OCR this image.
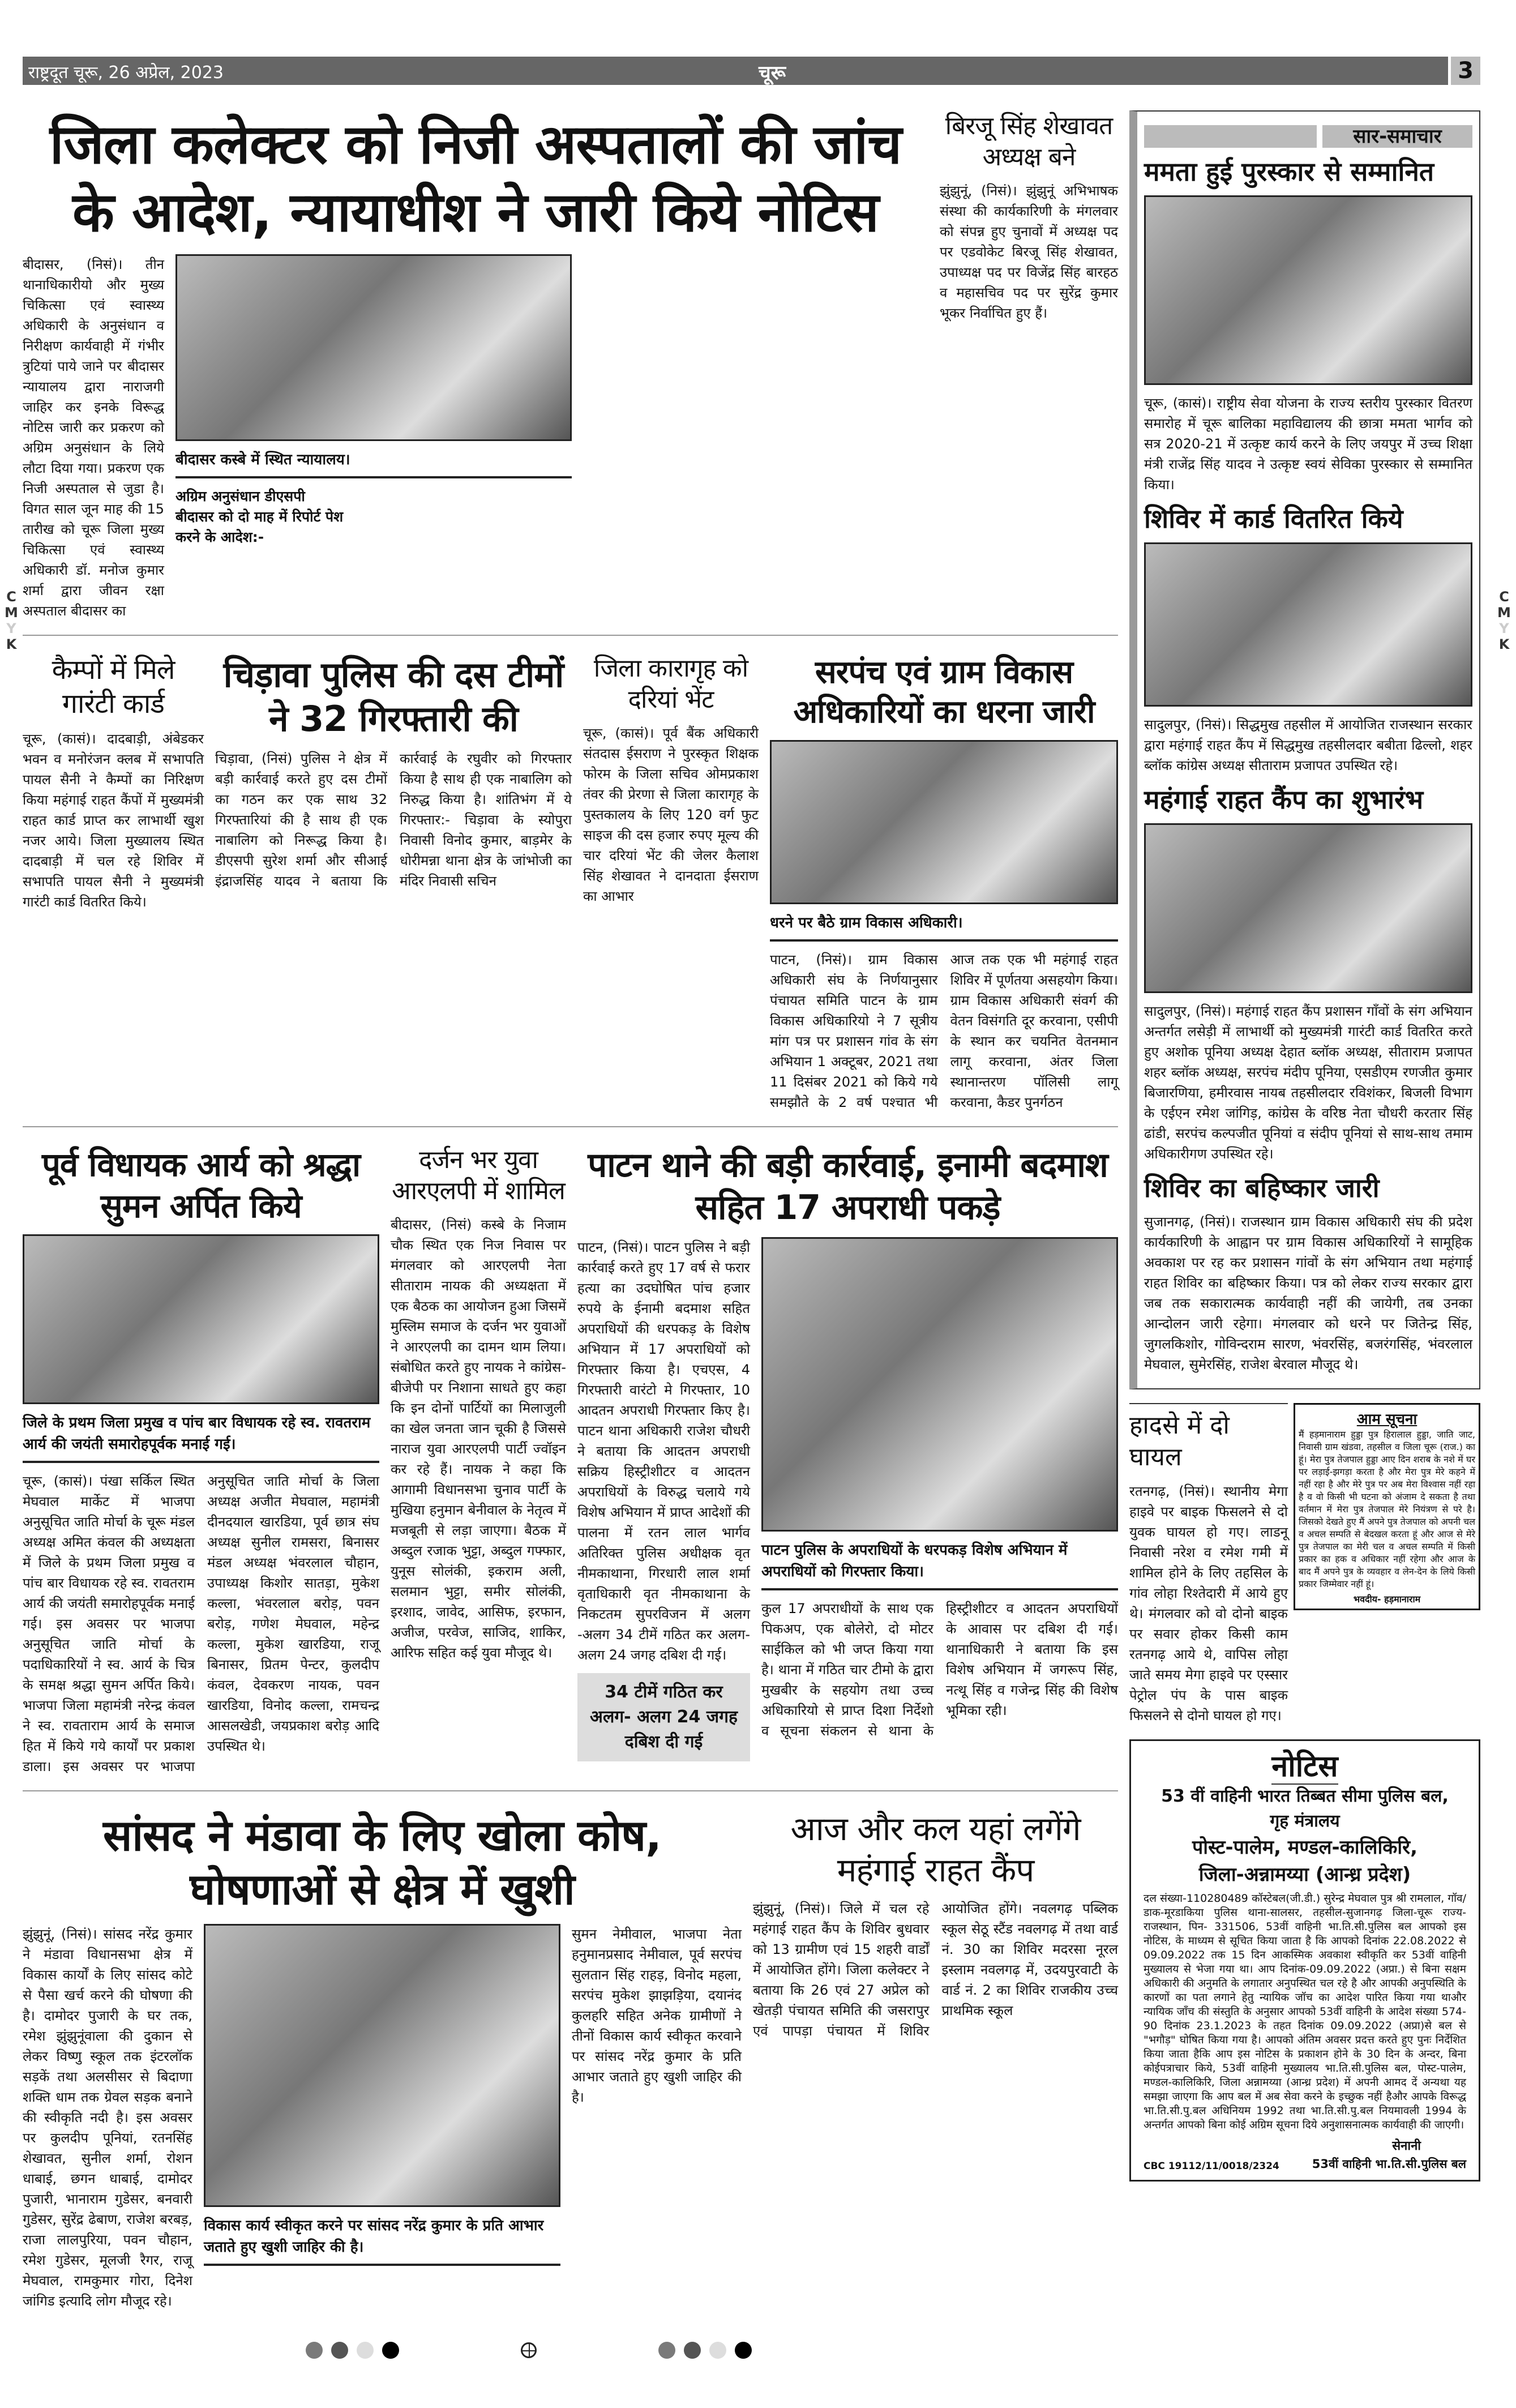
C
M
Y
K
C
M
Y
K
राष्ट्रदूत चूरू, 26 अप्रेल, 2023	चूरू	3
जिला कलेक्टर को निजी अस्पतालों की जांच
के आदेश, न्यायाधीश ने जारी किये नोटिस
बीदासर, (निसं)। तीन थानाधिकारीयो और मुख्य चिकित्सा एवं स्वास्थ्य अधिकारी के अनुसंधान व निरीक्षण कार्यवाही में गंभीर त्रुटियां पाये जाने पर बीदासर न्यायालय द्वारा नाराजगी जाहिर कर इनके विरूद्ध नोटिस जारी कर प्रकरण को अग्रिम अनुसंधान के लिये लौटा दिया गया। प्रकरण एक निजी अस्पताल से जुडा है। विगत साल जून माह की 15 तारीख को चूरू जिला मुख्य चिकित्सा एवं स्वास्थ्य अधिकारी डॉ. मनोज कुमार शर्मा द्वारा जीवन रक्षा अस्पताल बीदासर का
बीदासर कस्बे में स्थित न्यायालय।
अग्रिम अनुसंधान डीएसपी बीदासर को दो माह में रिपोर्ट पेश करने के आदेश:-
बिरजू सिंह शेखावत अध्यक्ष बने
झुंझुनूं, (निसं)। झुंझुनूं अभिभाषक संस्था की कार्यकारिणी के मंगलवार को संपन्न हुए चुनावों में अध्यक्ष पद पर एडवोकेट बिरजू सिंह शेखावत, उपाध्यक्ष पद पर विजेंद्र सिंह बारहठ व महासचिव पद पर सुरेंद्र कुमार भूकर निर्वाचित हुए हैं।
कैम्पों में मिले गारंटी कार्ड
चूरू, (कासं)। दादबाड़ी, अंबेडकर भवन व मनोरंजन क्लब में सभापति पायल सैनी ने कैम्पों का निरिक्षण किया महंगाई राहत कैंपों में मुख्यमंत्री राहत कार्ड प्राप्त कर लाभार्थी खुश नजर आये। जिला मुख्यालय स्थित दादबाड़ी में चल रहे शिविर में सभापति पायल सैनी ने मुख्यमंत्री गारंटी कार्ड वितरित किये।
चिड़ावा पुलिस की दस टीमों ने 32 गिरफ्तारी की
चिड़ावा, (निसं) पुलिस ने क्षेत्र में बड़ी कार्रवाई करते हुए दस टीमों का गठन कर एक साथ 32 गिरफ्तारियां की है साथ ही एक नाबालिग को निरूद्ध किया है। डीएसपी सुरेश शर्मा और सीआई इंद्राजसिंह यादव ने बताया कि कार्रवाई के रघुवीर को गिरफ्तार किया है साथ ही एक नाबालिग को निरुद्ध किया है। शांतिभंग में ये गिरफ्तार:- चिड़ावा के स्योपुरा निवासी विनोद कुमार, बाड़मेर के धोरीमन्ना थाना क्षेत्र के जांभोजी का मंदिर निवासी सचिन
जिला कारागृह को दरियां भेंट
चूरू, (कासं)। पूर्व बैंक अधिकारी संतदास ईसराण ने पुरस्कृत शिक्षक फोरम के जिला सचिव ओमप्रकाश तंवर की प्रेरणा से जिला कारागृह के पुस्तकालय के लिए 120 वर्ग फुट साइज की दस हजार रुपए मूल्य की चार दरियां भेंट की जेलर कैलाश सिंह शेखावत ने दानदाता ईसराण का आभार
सरपंच एवं ग्राम विकास अधिकारियों का धरना जारी
धरने पर बैठे ग्राम विकास अधिकारी।
पाटन, (निसं)। ग्राम विकास अधिकारी संघ के निर्णयानुसार पंचायत समिति पाटन के ग्राम विकास अधिकारियो ने 7 सूत्रीय मांग पत्र पर प्रशासन गांव के संग अभियान 1 अक्टूबर, 2021 तथा 11 दिसंबर 2021 को किये गये समझौते के 2 वर्ष पश्चात भी आज तक एक भी महंगाई राहत शिविर में पूर्णतया असहयोग किया। ग्राम विकास अधिकारी संवर्ग की वेतन विसंगति दूर करवाना, एसीपी के स्थान कर चयनित वेतनमान लागू करवाना, अंतर जिला स्थानान्तरण पॉलिसी लागू करवाना, कैडर पुनर्गठन
पूर्व विधायक आर्य को श्रद्धा सुमन अर्पित किये
जिले के प्रथम जिला प्रमुख व पांच बार विधायक रहे स्व. रावतराम आर्य की जयंती समारोहपूर्वक मनाई गई।
चूरू, (कासं)। पंखा सर्किल स्थित मेघवाल मार्केट में भाजपा अनुसूचित जाति मोर्चा के चूरू मंडल अध्यक्ष अमित कंवल की अध्यक्षता में जिले के प्रथम जिला प्रमुख व पांच बार विधायक रहे स्व. रावतराम आर्य की जयंती समारोहपूर्वक मनाई गई। इस अवसर पर भाजपा अनुसूचित जाति मोर्चा के पदाधिकारियों ने स्व. आर्य के चित्र के समक्ष श्रद्धा सुमन अर्पित किये। भाजपा जिला महामंत्री नरेन्द्र कंवल ने स्व. रावताराम आर्य के समाज हित में किये गये कार्यों पर प्रकाश डाला। इस अवसर पर भाजपा अनुसूचित जाति मोर्चा के जिला अध्यक्ष अजीत मेघवाल, महामंत्री दीनदयाल खारडिया, पूर्व छात्र संघ अध्यक्ष सुनील रामसरा, बिनासर मंडल अध्यक्ष भंवरलाल चौहान, उपाध्यक्ष किशोर सातड़ा, मुकेश कल्ला, भंवरलाल बरोड़, पवन बरोड़, गणेश मेघवाल, महेन्द्र कल्ला, मुकेश खारडिया, राजू बिनासर, प्रितम पेन्टर, कुलदीप कंवल, देवकरण नायक, पवन खारडिया, विनोद कल्ला, रामचन्द्र आसलखेडी, जयप्रकाश बरोड़ आदि उपस्थित थे।
दर्जन भर युवा आरएलपी में शामिल
बीदासर, (निसं) कस्बे के निजाम चौक स्थित एक निज निवास पर मंगलवार को आरएलपी नेता सीताराम नायक की अध्यक्षता में एक बैठक का आयोजन हुआ जिसमें मुस्लिम समाज के दर्जन भर युवाओं ने आरएलपी का दामन थाम लिया। संबोधित करते हुए नायक ने कांग्रेस-बीजेपी पर निशाना साधते हुए कहा कि इन दोनों पार्टियों का मिलाजुली का खेल जनता जान चूकी है जिससे नाराज युवा आरएलपी पार्टी ज्वॉइन कर रहे हैं। नायक ने कहा कि आगामी विधानसभा चुनाव पार्टी के मुखिया हनुमान बेनीवाल के नेतृत्व में मजबूती से लड़ा जाएगा। बैठक में अब्दुल रजाक भुट्टा, अब्दुल गफ्फार, युनूस सोलंकी, इकराम अली, सलमान भुट्टा, समीर सोलंकी, इरशाद, जावेद, आसिफ, इरफान, अजीज, परवेज, साजिद, शाकिर, आरिफ सहित कई युवा मौजूद थे।
पाटन थाने की बड़ी कार्रवाई, इनामी बदमाश सहित 17 अपराधी पकड़े
पाटन, (निसं)। पाटन पुलिस ने बड़ी कार्रवाई करते हुए 17 वर्ष से फरार हत्या का उदघोषित पांच हजार रुपये के ईनामी बदमाश सहित अपराधियों की धरपकड़ के विशेष अभियान में 17 अपराधियों को गिरफ्तार किया है। एचएस, 4 गिरफ्तारी वारंटो मे गिरफ्तार, 10 आदतन अपराधी गिरफ्तार किए है। पाटन थाना अधिकारी राजेश चौधरी ने बताया कि आदतन अपराधी सक्रिय हिस्ट्रीशीटर व आदतन अपराधियों के विरुद्ध चलाये गये विशेष अभियान में प्राप्त आदेशों की पालना में रतन लाल भार्गव अतिरिक्त पुलिस अधीक्षक वृत नीमकाथाना, गिरधारी लाल शर्मा वृताधिकारी वृत नीमकाथाना के निकटतम सुपरविजन में अलग -अलग 34 टीमें गठित कर अलग- अलग 24 जगह दबिश दी गई।
34 टीमें गठित कर अलग- अलग 24 जगह दबिश दी गई
पाटन पुलिस के अपराधियों के धरपकड़ विशेष अभियान में अपराधियों को गिरफ्तार किया।
कुल 17 अपराधीयों के साथ एक पिकअप, एक बोलेरो, दो मोटर साईकिल को भी जप्त किया गया है। थाना में गठित चार टीमो के द्वारा मुखबीर के सहयोग तथा उच्च अधिकारियो से प्राप्त दिशा निर्देशो व सूचना संकलन से थाना के हिस्ट्रीशीटर व आदतन अपराधियों के आवास पर दबिश दी गई। थानाधिकारी ने बताया कि इस विशेष अभियान में जगरूप सिंह, नत्थू सिंह व गजेन्द्र सिंह की विशेष भूमिका रही।
सांसद ने मंडावा के लिए खोला कोष,
घोषणाओं से क्षेत्र में खुशी
झुंझुनूं, (निसं)। सांसद नरेंद्र कुमार ने मंडावा विधानसभा क्षेत्र में विकास कार्यों के लिए सांसद कोटे से पैसा खर्च करने की घोषणा की है। दामोदर पुजारी के घर तक, रमेश झुंझुनूंवाला की दुकान से लेकर विष्णु स्कूल तक इंटरलॉक सड़कें तथा अलसीसर से बिदाणा शक्ति धाम तक ग्रेवल सड़क बनाने की स्वीकृति नदी है। इस अवसर पर कुलदीप पूनियां, रतनसिंह शेखावत, सुनील शर्मा, रोशन धाबाई, छगन धाबाई, दामोदर पुजारी, भानाराम गुडेसर, बनवारी गुडेसर, सुरेंद्र ढेबाण, राजेश बरबड़, राजा लालपुरिया, पवन चौहान, रमेश गुडेसर, मूलजी रैगर, राजू मेघवाल, रामकुमार गोरा, दिनेश जांगिड इत्यादि लोग मौजूद रहे।
विकास कार्य स्वीकृत करने पर सांसद नरेंद्र कुमार के प्रति आभार जताते हुए खुशी जाहिर की है।
सुमन नेमीवाल, भाजपा नेता हनुमानप्रसाद नेमीवाल, पूर्व सरपंच सुलतान सिंह राहड़, विनोद महला, सरपंच मुकेश झाझड़िया, दयानंद कुलहरि सहित अनेक ग्रामीणों ने तीनों विकास कार्य स्वीकृत करवाने पर सांसद नरेंद्र कुमार के प्रति आभार जताते हुए खुशी जाहिर की है।
आज और कल यहां लगेंगे महंगाई राहत कैंप
झुंझुनूं, (निसं)। जिले में चल रहे महंगाई राहत कैंप के शिविर बुधवार को 13 ग्रामीण एवं 15 शहरी वार्डों में आयोजित होंगे। जिला कलेक्टर ने बताया कि 26 एवं 27 अप्रेल को खेतड़ी पंचायत समिति की जसरापुर एवं पापड़ा पंचायत में शिविर आयोजित होंगे। नवलगढ़ पब्लिक स्कूल सेठू स्टैंड नवलगढ़ में तथा वार्ड नं. 30 का शिविर मदरसा नूरल इस्लाम नवलगढ़ में, उदयपुरवाटी के वार्ड नं. 2 का शिविर राजकीय उच्च प्राथमिक स्कूल
सार-समाचार
ममता हुई पुरस्कार से सम्मानित
चूरू, (कासं)। राष्ट्रीय सेवा योजना के राज्य स्तरीय पुरस्कार वितरण समारोह में चूरू बालिका महाविद्यालय की छात्रा ममता भार्गव को सत्र 2020-21 में उत्कृष्ट कार्य करने के लिए जयपुर में उच्च शिक्षा मंत्री राजेंद्र सिंह यादव ने उत्कृष्ट स्वयं सेविका पुरस्कार से सम्मानित किया।
शिविर में कार्ड वितरित किये
सादुलपुर, (निसं)। सिद्धमुख तहसील में आयोजित राजस्थान सरकार द्वारा महंगाई राहत कैंप में सिद्धमुख तहसीलदार बबीता ढिल्लो, शहर ब्लॉक कांग्रेस अध्यक्ष सीताराम प्रजापत उपस्थित रहे।
महंगाई राहत कैंप का शुभारंभ
सादुलपुर, (निसं)। महंगाई राहत कैंप प्रशासन गाँवों के संग अभियान अन्तर्गत लसेड़ी में लाभार्थी को मुख्यमंत्री गारंटी कार्ड वितरित करते हुए अशोक पूनिया अध्यक्ष देहात ब्लॉक अध्यक्ष, सीताराम प्रजापत शहर ब्लॉक अध्यक्ष, सरपंच मंदीप पूनिया, एसडीएम रणजीत कुमार बिजारणिया, हमीरवास नायब तहसीलदार रविशंकर, बिजली विभाग के एईएन रमेश जांगिड़, कांग्रेस के वरिष्ठ नेता चौधरी करतार सिंह ढांडी, सरपंच कल्पजीत पूनियां व संदीप पूनियां से साथ-साथ तमाम अधिकारीगण उपस्थित रहे।
शिविर का बहिष्कार जारी
सुजानगढ़, (निसं)। राजस्थान ग्राम विकास अधिकारी संघ की प्रदेश कार्यकारिणी के आह्वान पर ग्राम विकास अधिकारियों ने सामूहिक अवकाश पर रह कर प्रशासन गांवों के संग अभियान तथा महंगाई राहत शिविर का बहिष्कार किया। पत्र को लेकर राज्य सरकार द्वारा जब तक सकारात्मक कार्यवाही नहीं की जायेगी, तब उनका आन्दोलन जारी रहेगा। मंगलवार को धरने पर जितेन्द्र सिंह, जुगलकिशोर, गोविन्दराम सारण, भंवरसिंह, बजरंगसिंह, भंवरलाल मेघवाल, सुमेरसिंह, राजेश बेरवाल मौजूद थे।
हादसे में दो घायल
रतनगढ़, (निसं)। स्थानीय मेगा हाइवे पर बाइक फिसलने से दो युवक घायल हो गए। लाडनू निवासी नरेश व रमेश गमी में शामिल होने के लिए तहसिल के गांव लोहा रिश्तेदारी में आये हुए थे। मंगलवार को वो दोनो बाइक पर सवार होकर किसी काम रतनगढ़ आये थे, वापिस लोहा जाते समय मेगा हाइवे पर एस्सार पेट्रोल पंप के पास बाइक फिसलने से दोनो घायल हो गए।
आम सूचना
मैं हड़मानाराम हुड्डा पुत्र हिरालाल हुड्डा, जाति जाट, निवासी ग्राम खंडवा, तहसील व जिला चूरू (राज.) का हूं। मेरा पुत्र तेजपाल हुड्डा आए दिन शराब के नशे में घर पर लड़ाई-झगड़ा करता है और मेरा पुत्र मेरे कहने में नहीं रहा है और मेरे पुत्र पर अब मेरा विश्वास नहीं रहा है व वो किसी भी घटना को अंजाम दे सकता है तथा वर्तमान में मेरा पुत्र तेजपाल मेरे नियंत्रण से परे है। जिसको देखते हुए मैं अपने पुत्र तेजपाल को अपनी चल व अचल सम्पति से बेदखल करता हूं और आज से मेरे पुत्र तेजपाल का मेरी चल व अचल सम्पति में किसी प्रकार का हक व अधिकार नहीं रहेगा और आज के बाद मैं अपने पुत्र के व्यवहार व लेन-देन के लिये किसी प्रकार जिम्मेवार नहीं हूं।
भवदीय- हड़मानाराम
नोटिस
53 वीं वाहिनी भारत तिब्बत सीमा पुलिस बल,
गृह मंत्रालय
पोस्ट-पालेम, मण्डल-कालिकिरि,
जिला-अन्नामय्या (आन्ध्र प्रदेश)
दल संख्या-110280489 कॉस्टेबल(जी.डी.) सुरेन्द्र मेघवाल पुत्र श्री रामलाल, गॉव/डाक-मूरडाकिया पुलिस थाना-सालसर, तहसील-सुजानगढ़ जिला-चूरू राज्य- राजस्थान, पिन- 331506, 53वीं वाहिनी भा.ति.सी.पुलिस बल आपको इस नोटिस, के माध्यम से सूचित किया जाता है कि आपको दिनांक 22.08.2022 से 09.09.2022 तक 15 दिन आकस्मिक अवकाश स्वीकृति कर 53वीं वाहिनी मुख्यालय से भेजा गया था। आप दिनांक-09.09.2022 (अप्रा.) से बिना सक्षम अधिकारी की अनुमति के लगातार अनुपस्थित चल रहे है और आपकी अनुपस्थिति के कारणों का पता लगाने हेतु न्यायिक जॉच का आदेश पारित किया गया थाऔर न्यायिक जाँच की संस्तुति के अनुसार आपको 53वीं वाहिनी के आदेश संख्या 574-90 दिनांक 23.1.2023 के तहत दिनांक 09.09.2022 (अप्रा)से बल से "भगौड़" घोषित किया गया है। आपको अंतिम अवसर प्रदत्त करते हुए पुनः निर्देशित किया जाता हैकि आप इस नोटिस के प्रकाशन होने के 30 दिन के अन्दर, बिना कोईपत्राचार किये, 53वीं वाहिनी मुख्यालय भा.ति.सी.पुलिस बल, पोस्ट-पालेम, मण्डल-कालिकिरि, जिला अन्नामय्या (आन्ध्र प्रदेश) में अपनी आमद दें अन्यथा यह समझा जाएगा कि आप बल में अब सेवा करने के इच्छुक नहीं हैऔर आपके विरूद्ध भा.ति.सी.पु.बल अधिनियम 1992 तथा भा.ति.सी.पु.बल नियमावली 1994 के अन्तर्गत आपको बिना कोई अग्रिम सूचना दिये अनुशासनात्मक कार्यवाही की जाएगी।
सेनानी
CBC 19112/11/0018/2324	53वीं वाहिनी भा.ति.सी.पुलिस बल
